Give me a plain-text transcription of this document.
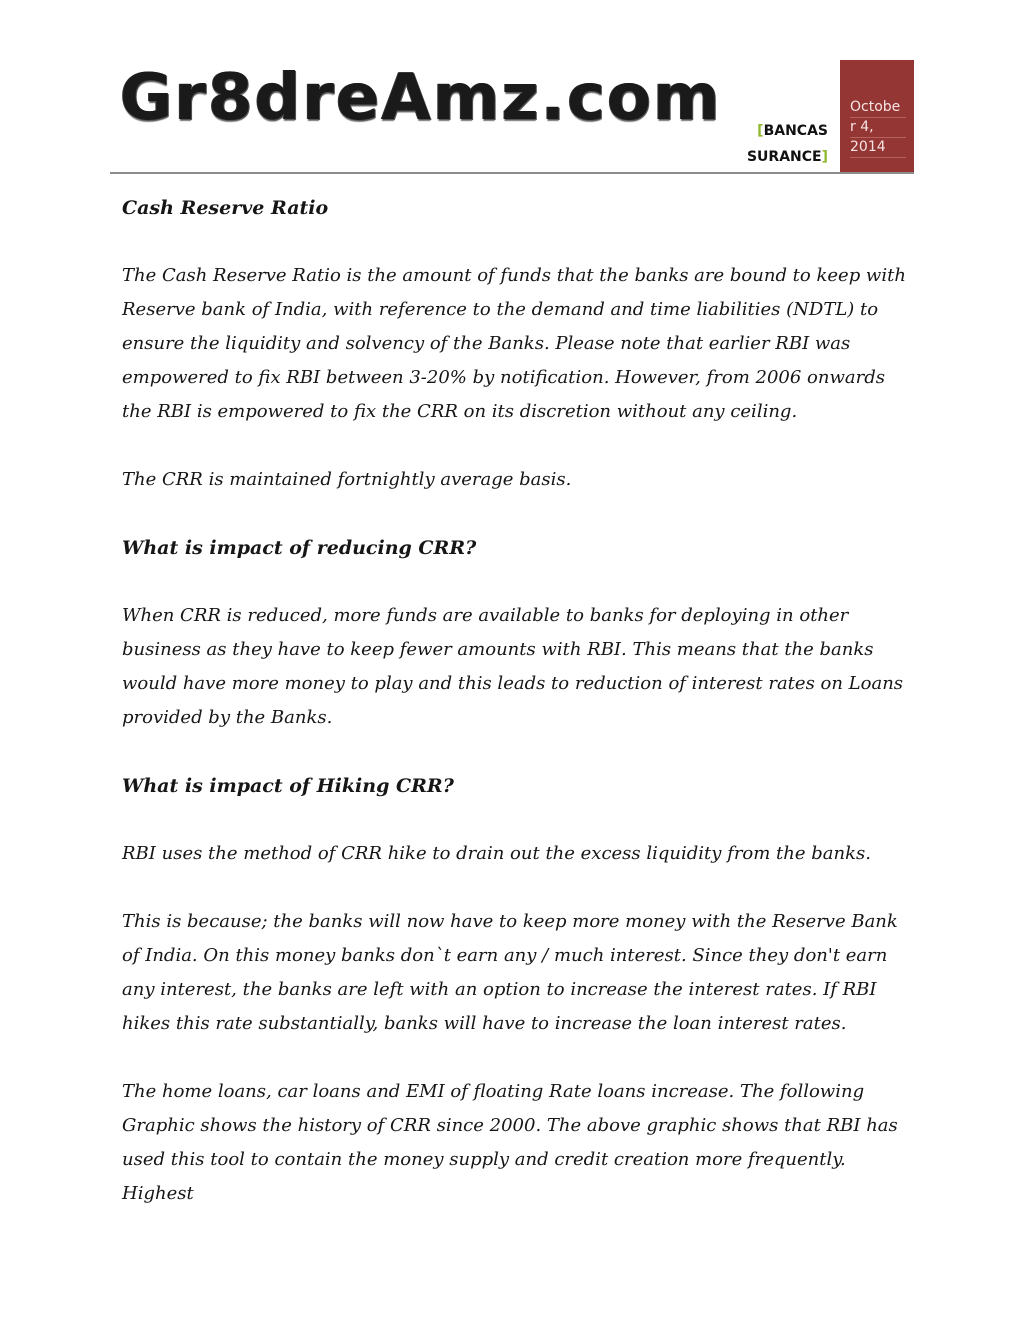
Gr8dreAmz.com	[BANCAS
SURANCE]
Octobe
r 4,
2014
Cash Reserve Ratio

The Cash Reserve Ratio is the amount of funds that the banks are bound to keep with Reserve bank of India, with reference to the demand and time liabilities (NDTL) to ensure the liquidity and solvency of the Banks. Please note that earlier RBI was empowered to fix RBI between 3-20% by notification. However, from 2006 onwards the RBI is empowered to fix the CRR on its discretion without any ceiling.

The CRR is maintained fortnightly average basis.

What is impact of reducing CRR?

When CRR is reduced, more funds are available to banks for deploying in other business as they have to keep fewer amounts with RBI. This means that the banks would have more money to play and this leads to reduction of interest rates on Loans provided by the Banks.

What is impact of Hiking CRR?

RBI uses the method of CRR hike to drain out the excess liquidity from the banks.

This is because; the banks will now have to keep more money with the Reserve Bank of India. On this money banks don`t earn any / much interest. Since they don't earn any interest, the banks are left with an option to increase the interest rates. If RBI hikes this rate substantially, banks will have to increase the loan interest rates.

The home loans, car loans and EMI of floating Rate loans increase. The following Graphic shows the history of CRR since 2000. The above graphic shows that RBI has used this tool to contain the money supply and credit creation more frequently. Highest
